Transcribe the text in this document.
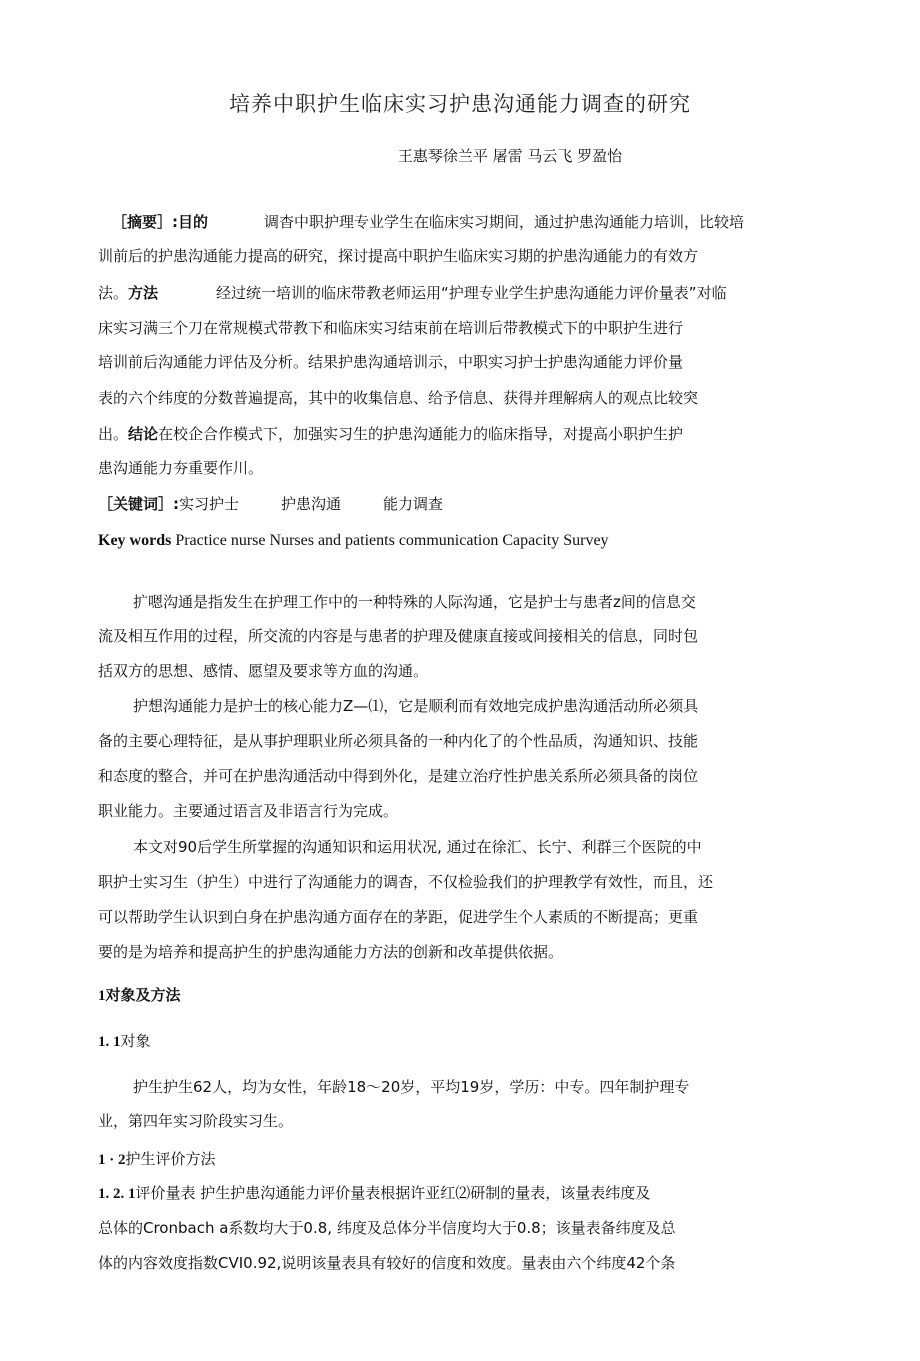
培养中职护生临床实习护患沟通能力调查的研究
王惠琴徐兰平 屠雷 马云飞 罗盈怡
［摘要］:目的	调杳中职护理专业学生在临床实习期间，通过护患沟通能力培训，比较培
训前后的护患沟通能力提高的研究，探讨提高中职护生临床实习期的护患沟通能力的有效方
法。方法	经过统一培训的临床带教老师运用“护理专业学生护患沟通能力评价量表”对临
床实习满三个刀在常规模式带教下和临床实习结束前在培训后带教模式下的中职护生进行
培训前后沟通能力评估及分析。结果护患沟通培训示，中职实习护士护患沟通能力评价量
表的六个纬度的分数普遍提高，其中的收集信息、给予信息、获得并理解病人的观点比较突
出。结论在校企合作模式下，加强实习生的护患沟通能力的临床指导，对提高小职护生护
患沟通能力夯重要作川。
［关键词］:实习护士	护患沟通	能力调查
Key words Practice nurse Nurses and patients communication Capacity Survey
扩嗯沟通是指发生在护理工作中的一种特殊的人际沟通，它是护士与患者z间的信息交
流及相互作用的过程，所交流的内容是与患者的护理及健康直接或间接相关的信息，同时包
括双方的思想、感情、愿望及要求等方血的沟通。
护想沟通能力是护士的核心能力Z—⑴，它是顺利而有效地完成护患沟通活动所必须具
备的主要心理特征，是从事护理职业所必须具备的一种内化了的个性品质，沟通知识、技能
和态度的整合，并可在护患沟通活动中得到外化，是建立治疗性护患关系所必须具备的岗位
职业能力。主要通过语言及非语言行为完成。
本文对90后学生所掌握的沟通知识和运用状况, 通过在徐汇、长宁、利群三个医院的中
职护士实习生（护生）中进行了沟通能力的调杳，不仅检验我们的护理教学有效性，而且，还
可以帮助学生认识到白身在护患沟通方面存在的茅距，促进学生个人素质的不断提高；更重
要的是为培养和提高护生的护患沟通能力方法的创新和改革提供依据。
1对象及方法
1. 1对象
护生护生62人，均为女性，年龄18～20岁，平均19岁，学历：中专。四年制护理专
业，第四年实习阶段实习生。
1 · 2护生评价方法
1. 2. 1评价量表 护生护患沟通能力评价量表根据许亚红⑵研制的量表，该量表纬度及
总体的Cronbach a系数均大于0.8, 纬度及总体分半信度均大于0.8；该量表备纬度及总
体的内容效度指数CVI0.92,说明该量表具有较好的信度和效度。量表由六个纬度42个条
